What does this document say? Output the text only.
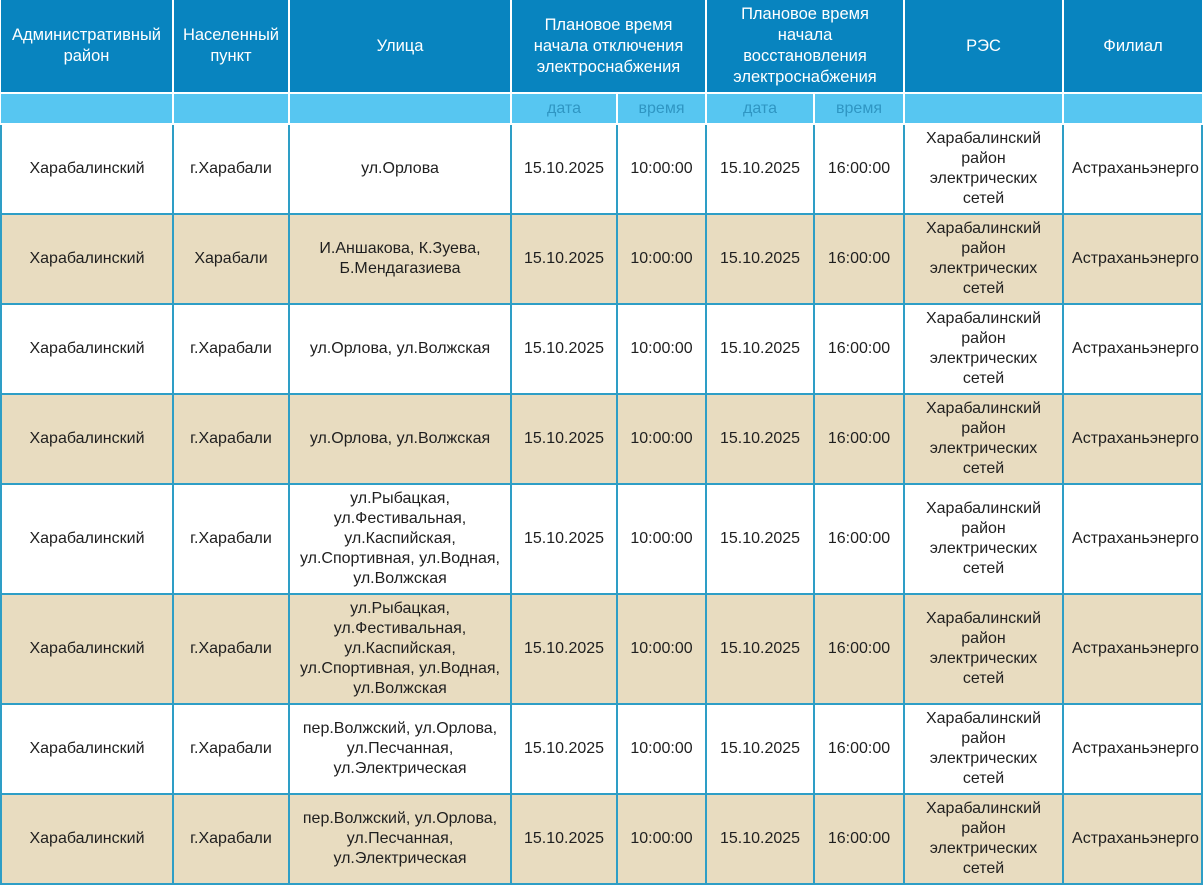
Административный район	Населенный пункт	Улица	Плановое время начала отключения электроснабжения		Плановое время начала восстановления электроснабжения		РЭС	Филиал
			дата	время	дата	время		
Харабалинский	г.Харабали	ул.Орлова	15.10.2025	10:00:00	15.10.2025	16:00:00	Харабалинский район электрических сетей	Астраханьэнерго
Харабалинский	Харабали	И.Аншакова, К.Зуева, Б.Мендагазиева	15.10.2025	10:00:00	15.10.2025	16:00:00	Харабалинский район электрических сетей	Астраханьэнерго
Харабалинский	г.Харабали	ул.Орлова, ул.Волжская	15.10.2025	10:00:00	15.10.2025	16:00:00	Харабалинский район электрических сетей	Астраханьэнерго
Харабалинский	г.Харабали	ул.Орлова, ул.Волжская	15.10.2025	10:00:00	15.10.2025	16:00:00	Харабалинский район электрических сетей	Астраханьэнерго
Харабалинский	г.Харабали	ул.Рыбацкая, ул.Фестивальная, ул.Каспийская, ул.Спортивная, ул.Водная, ул.Волжская	15.10.2025	10:00:00	15.10.2025	16:00:00	Харабалинский район электрических сетей	Астраханьэнерго
Харабалинский	г.Харабали	ул.Рыбацкая, ул.Фестивальная, ул.Каспийская, ул.Спортивная, ул.Водная, ул.Волжская	15.10.2025	10:00:00	15.10.2025	16:00:00	Харабалинский район электрических сетей	Астраханьэнерго
Харабалинский	г.Харабали	пер.Волжский, ул.Орлова, ул.Песчанная, ул.Электрическая	15.10.2025	10:00:00	15.10.2025	16:00:00	Харабалинский район электрических сетей	Астраханьэнерго
Харабалинский	г.Харабали	пер.Волжский, ул.Орлова, ул.Песчанная, ул.Электрическая	15.10.2025	10:00:00	15.10.2025	16:00:00	Харабалинский район электрических сетей	Астраханьэнерго
